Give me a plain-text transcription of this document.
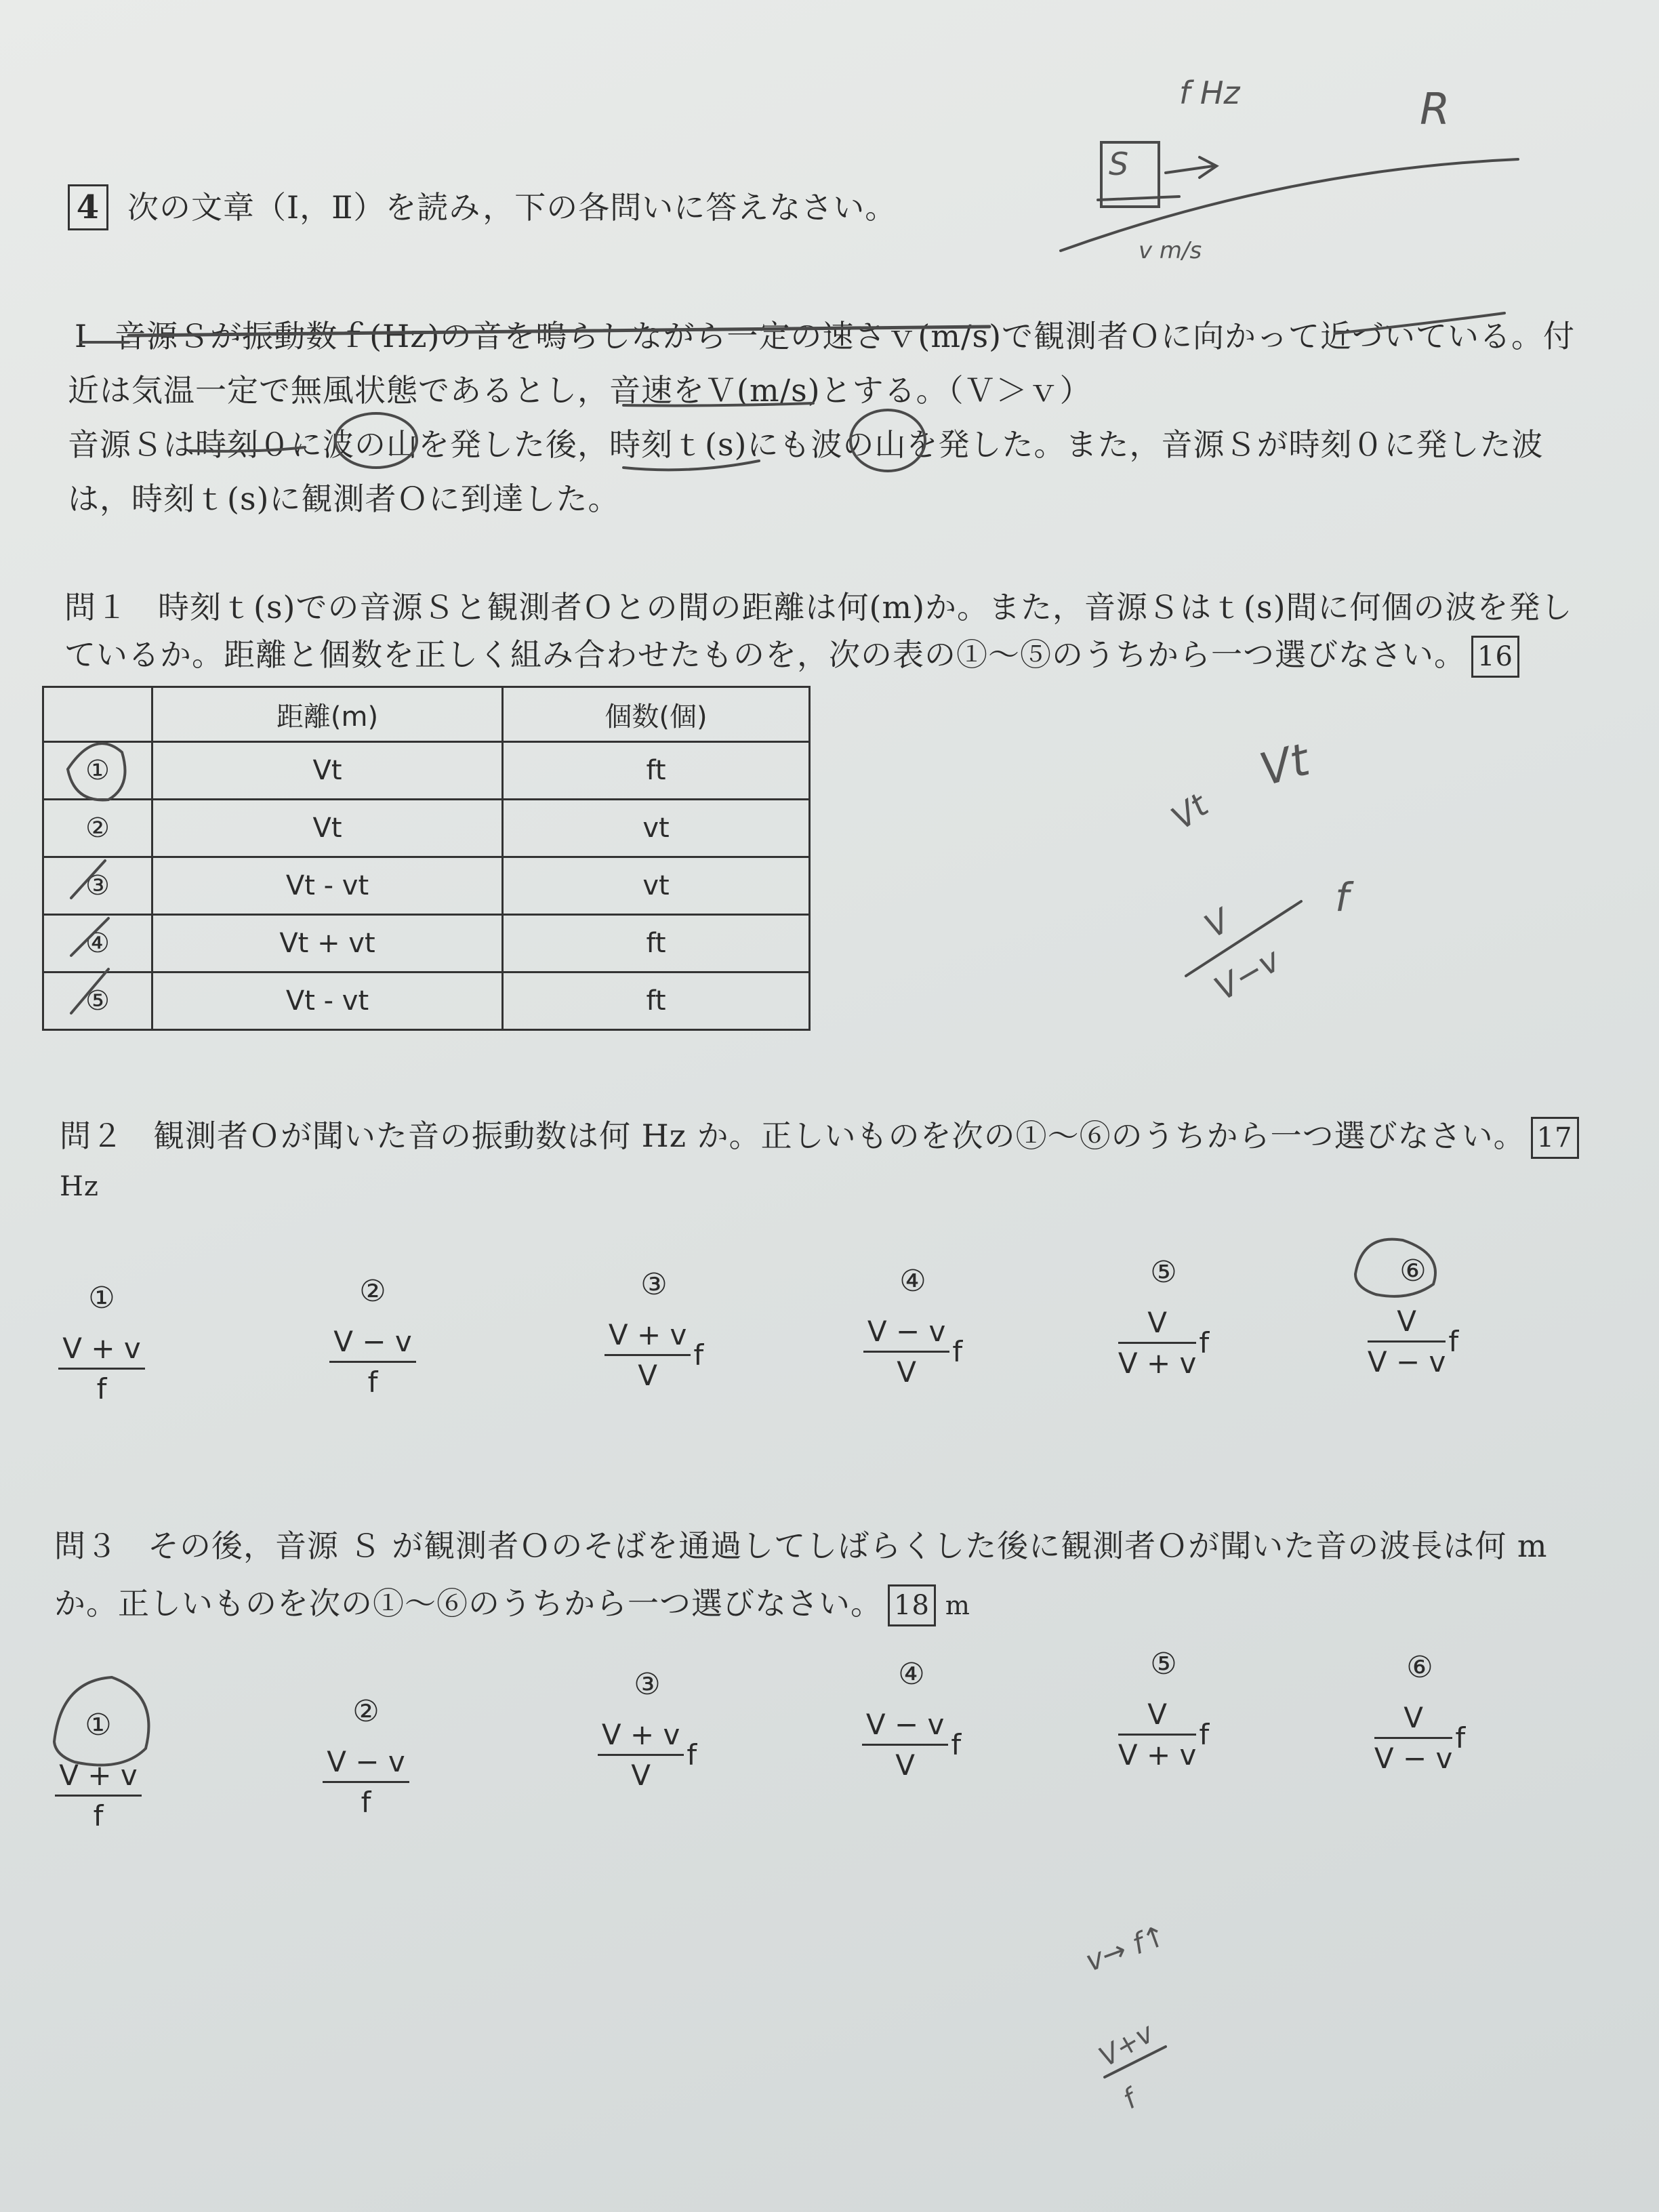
4 次の文章（Ⅰ，Ⅱ）を読み，下の各問いに答えなさい。
Ⅰ 音源Ｓが振動数ｆ(Hz)の音を鳴らしながら一定の速さｖ(m/s)で観測者Ｏに向かって近づいている。付
近は気温一定で無風状態であるとし，音速をＶ(m/s)とする。（Ｖ＞ｖ）
音源Ｓは時刻０に波の山を発した後，時刻ｔ(s)にも波の山を発した。また，音源Ｓが時刻０に発した波
は，時刻ｔ(s)に観測者Ｏに到達した。
問１ 時刻ｔ(s)での音源Ｓと観測者Ｏとの間の距離は何(m)か。また，音源Ｓはｔ(s)間に何個の波を発し
ているか。距離と個数を正しく組み合わせたものを，次の表の①～⑤のうちから一つ選びなさい。 16
	距離(m)	個数(個)
①	Vt	ft
②	Vt	vt
③	Vt - vt	vt
④	Vt + vt	ft
⑤	Vt - vt	ft
問２ 観測者Ｏが聞いた音の振動数は何 Hz か。正しいものを次の①～⑥のうちから一つ選びなさい。 17
Hz
①
$\frac{V + v}{f}$
②
$\frac{V - v}{f}$
③
$\frac{V + v}{V}$ f
④
$\frac{V - v}{V}$ f
⑤
$\frac{V}{V + v}$ f
⑥
$\frac{V}{V - v}$ f
問３ その後，音源 Ｓ が観測者Ｏのそばを通過してしばらくした後に観測者Ｏが聞いた音の波長は何 m
か。正しいものを次の①～⑥のうちから一つ選びなさい。 18 m
①
$\frac{V + v}{f}$
②
$\frac{V - v}{f}$
③
$\frac{V + v}{V}$ f
④
$\frac{V - v}{V}$ f
⑤
$\frac{V}{V + v}$ f
⑥
$\frac{V}{V - v}$ f
f Hz
S
R
v m/s
Vt
Vt
f
V
V−v
v→ f↑
V+v
f
